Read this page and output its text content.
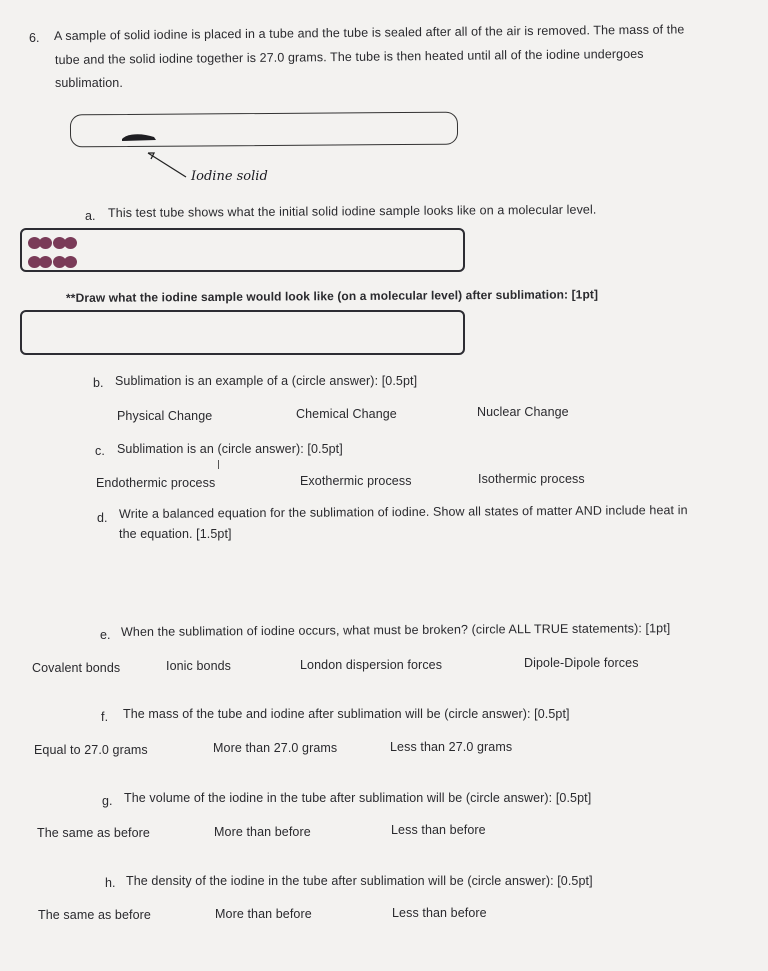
6. A sample of solid iodine is placed in a tube and the tube is sealed after all of the air is removed. The mass of the
tube and the solid iodine together is 27.0 grams. The tube is then heated until all of the iodine undergoes
sublimation.
Iodine solid
a. This test tube shows what the initial solid iodine sample looks like on a molecular level.
**Draw what the iodine sample would look like (on a molecular level) after sublimation: [1pt]
b. Sublimation is an example of a (circle answer): [0.5pt]
Physical Change	Chemical Change	Nuclear Change
c. Sublimation is an (circle answer): [0.5pt]
Endothermic process	Exothermic process	Isothermic process
d. Write a balanced equation for the sublimation of iodine. Show all states of matter AND include heat in
the equation. [1.5pt]
e. When the sublimation of iodine occurs, what must be broken? (circle ALL TRUE statements): [1pt]
Covalent bonds	Ionic bonds	London dispersion forces	Dipole-Dipole forces
f. The mass of the tube and iodine after sublimation will be (circle answer): [0.5pt]
Equal to 27.0 grams	More than 27.0 grams	Less than 27.0 grams
g. The volume of the iodine in the tube after sublimation will be (circle answer): [0.5pt]
The same as before	More than before	Less than before
h. The density of the iodine in the tube after sublimation will be (circle answer): [0.5pt]
The same as before	More than before	Less than before
